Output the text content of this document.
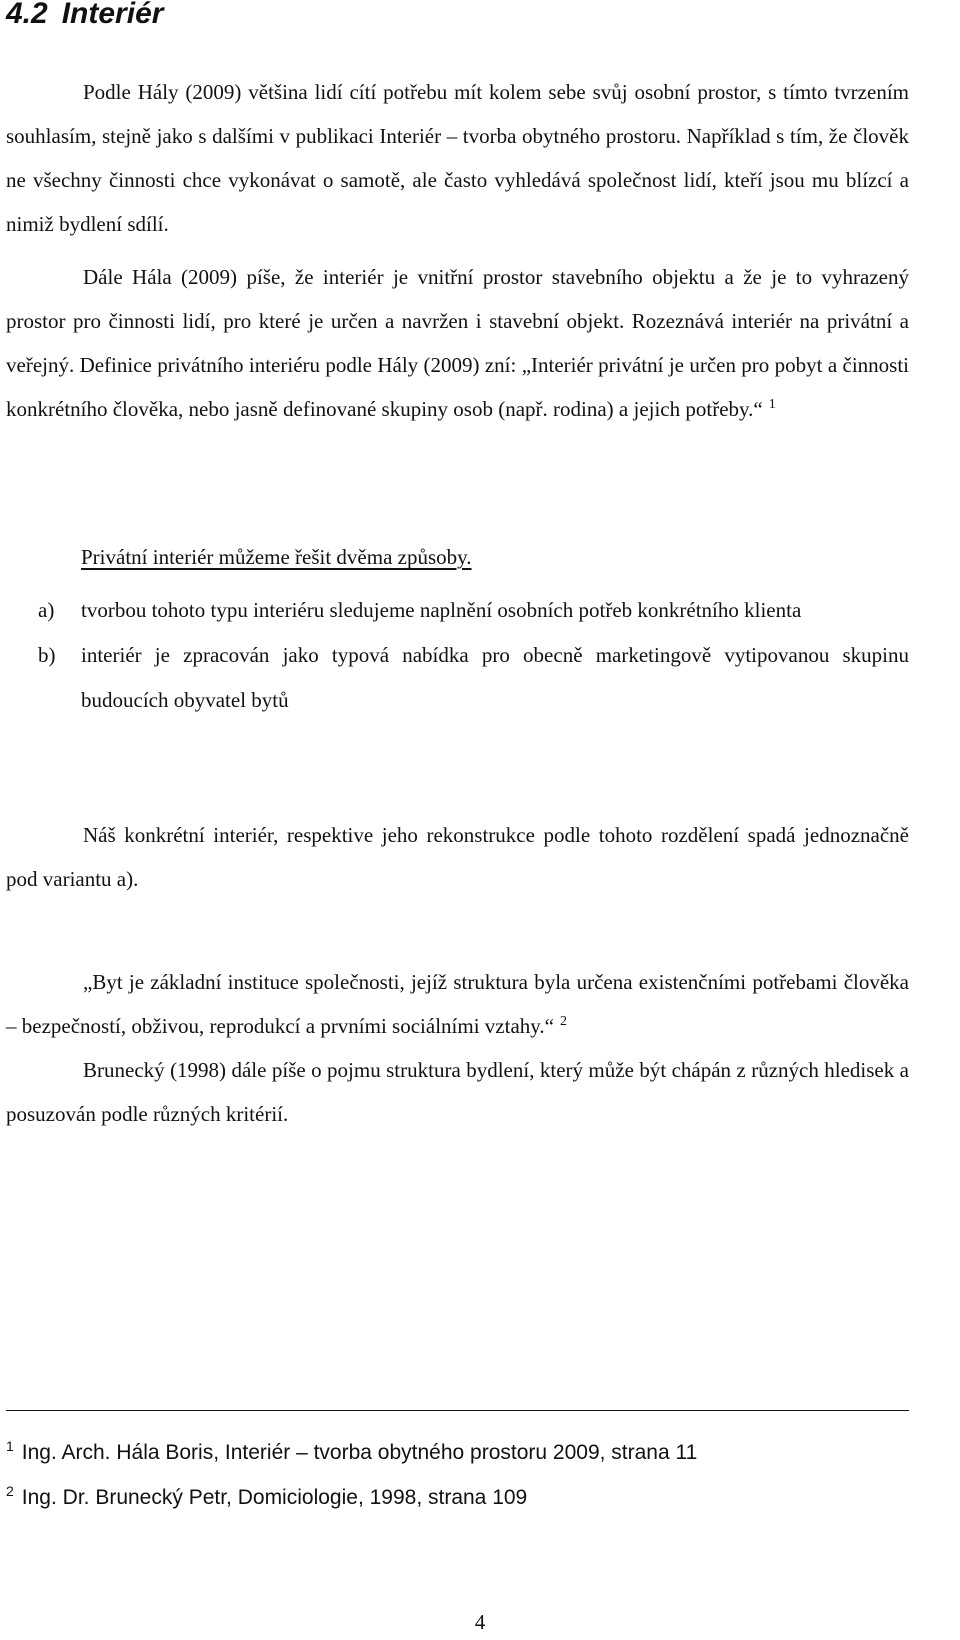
4.2 Interiér

Podle Hály (2009) většina lidí cítí potřebu mít kolem sebe svůj osobní prostor, s tímto tvrzením souhlasím, stejně jako s dalšími v publikaci Interiér – tvorba obytného prostoru. Například s tím, že člověk ne všechny činnosti chce vykonávat o samotě, ale často vyhledává společnost lidí, kteří jsou mu blízcí a nimiž bydlení sdílí.

Dále Hála (2009) píše, že interiér je vnitřní prostor stavebního objektu a že je to vyhrazený prostor pro činnosti lidí, pro které je určen a navržen i stavební objekt. Rozeznává interiér na privátní a veřejný. Definice privátního interiéru podle Hály (2009) zní: „Interiér privátní je určen pro pobyt a činnosti konkrétního člověka, nebo jasně definované skupiny osob (např. rodina) a jejich potřeby.“ $^1$

Privátní interiér můžeme řešit dvěma způsoby.
a)	tvorbou tohoto typu interiéru sledujeme naplnění osobních potřeb konkrétního klienta
b)	interiér je zpracován jako typová nabídka pro obecně marketingově vytipovanou skupinu budoucích obyvatel bytů

Náš konkrétní interiér, respektive jeho rekonstrukce podle tohoto rozdělení spadá jednoznačně pod variantu a).

„Byt je základní instituce společnosti, jejíž struktura byla určena existenčními potřebami člověka – bezpečností, obživou, reprodukcí a prvními sociálními vztahy.“ $^2$

Brunecký (1998) dále píše o pojmu struktura bydlení, který může být chápán z různých hledisek a posuzován podle různých kritérií.

$^1$ Ing. Arch. Hála Boris, Interiér – tvorba obytného prostoru 2009, strana 11
$^2$ Ing. Dr. Brunecký Petr, Domiciologie, 1998, strana 109
4
